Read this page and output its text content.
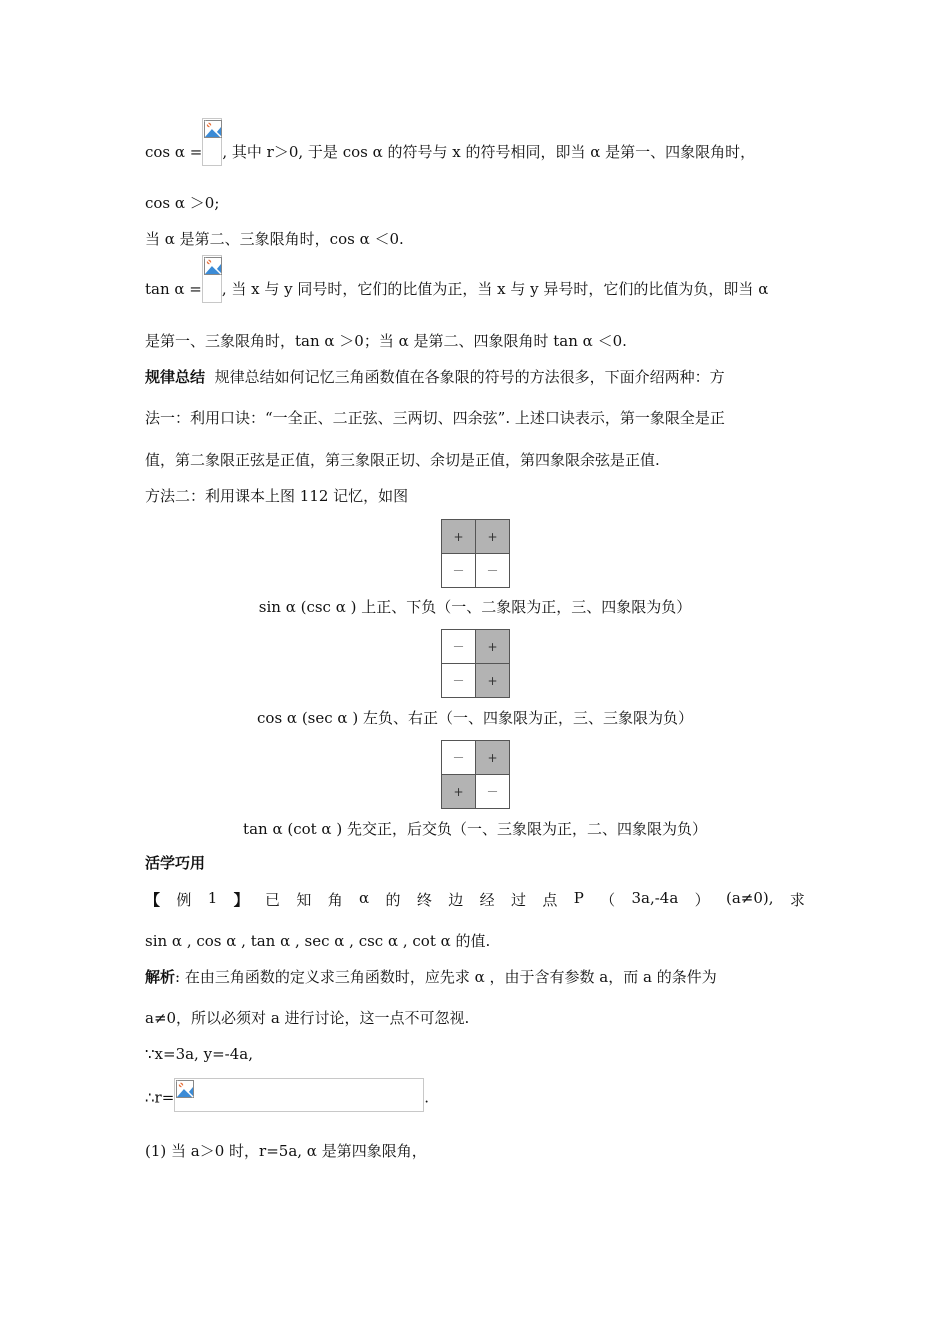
cos α = , 其中 r＞0, 于是 cos α 的符号与 x 的符号相同，即当 α 是第一、四象限角时，
cos α ＞0;
当 α 是第二、三象限角时，cos α ＜0.
tan α = , 当 x 与 y 同号时，它们的比值为正，当 x 与 y 异号时，它们的比值为负，即当 α
是第一、三象限角时，tan α ＞0；当 α 是第二、四象限角时 tan α ＜0.
规律总结 规律总结如何记忆三角函数值在各象限的符号的方法很多，下面介绍两种：方
法一：利用口诀：“一全正、二正弦、三两切、四余弦”. 上述口诀表示，第一象限全是正
值，第二象限正弦是正值，第三象限正切、余切是正值，第四象限余弦是正值.
方法二：利用课本上图 112 记忆，如图
+	+
－	－
sin α (csc α ) 上正、下负（一、二象限为正，三、四象限为负）
－	+
－	+
cos α (sec α ) 左负、右正（一、四象限为正，三、三象限为负）
－	+
+	－
tan α (cot α ) 先交正，后交负（一、三象限为正，二、四象限为负）
活学巧用
【 例 1 】 已 知 角 α 的 终 边 经 过 点 P （ 3a,-4a ） (a≠0), 求
sin α , cos α , tan α , sec α , csc α , cot α 的值.
解析: 在由三角函数的定义求三角函数时，应先求 α ，由于含有参数 a，而 a 的条件为
a≠0，所以必须对 a 进行讨论，这一点不可忽视.
∵x=3a, y=-4a,
∴r=	.
(1) 当 a＞0 时，r=5a, α 是第四象限角，
